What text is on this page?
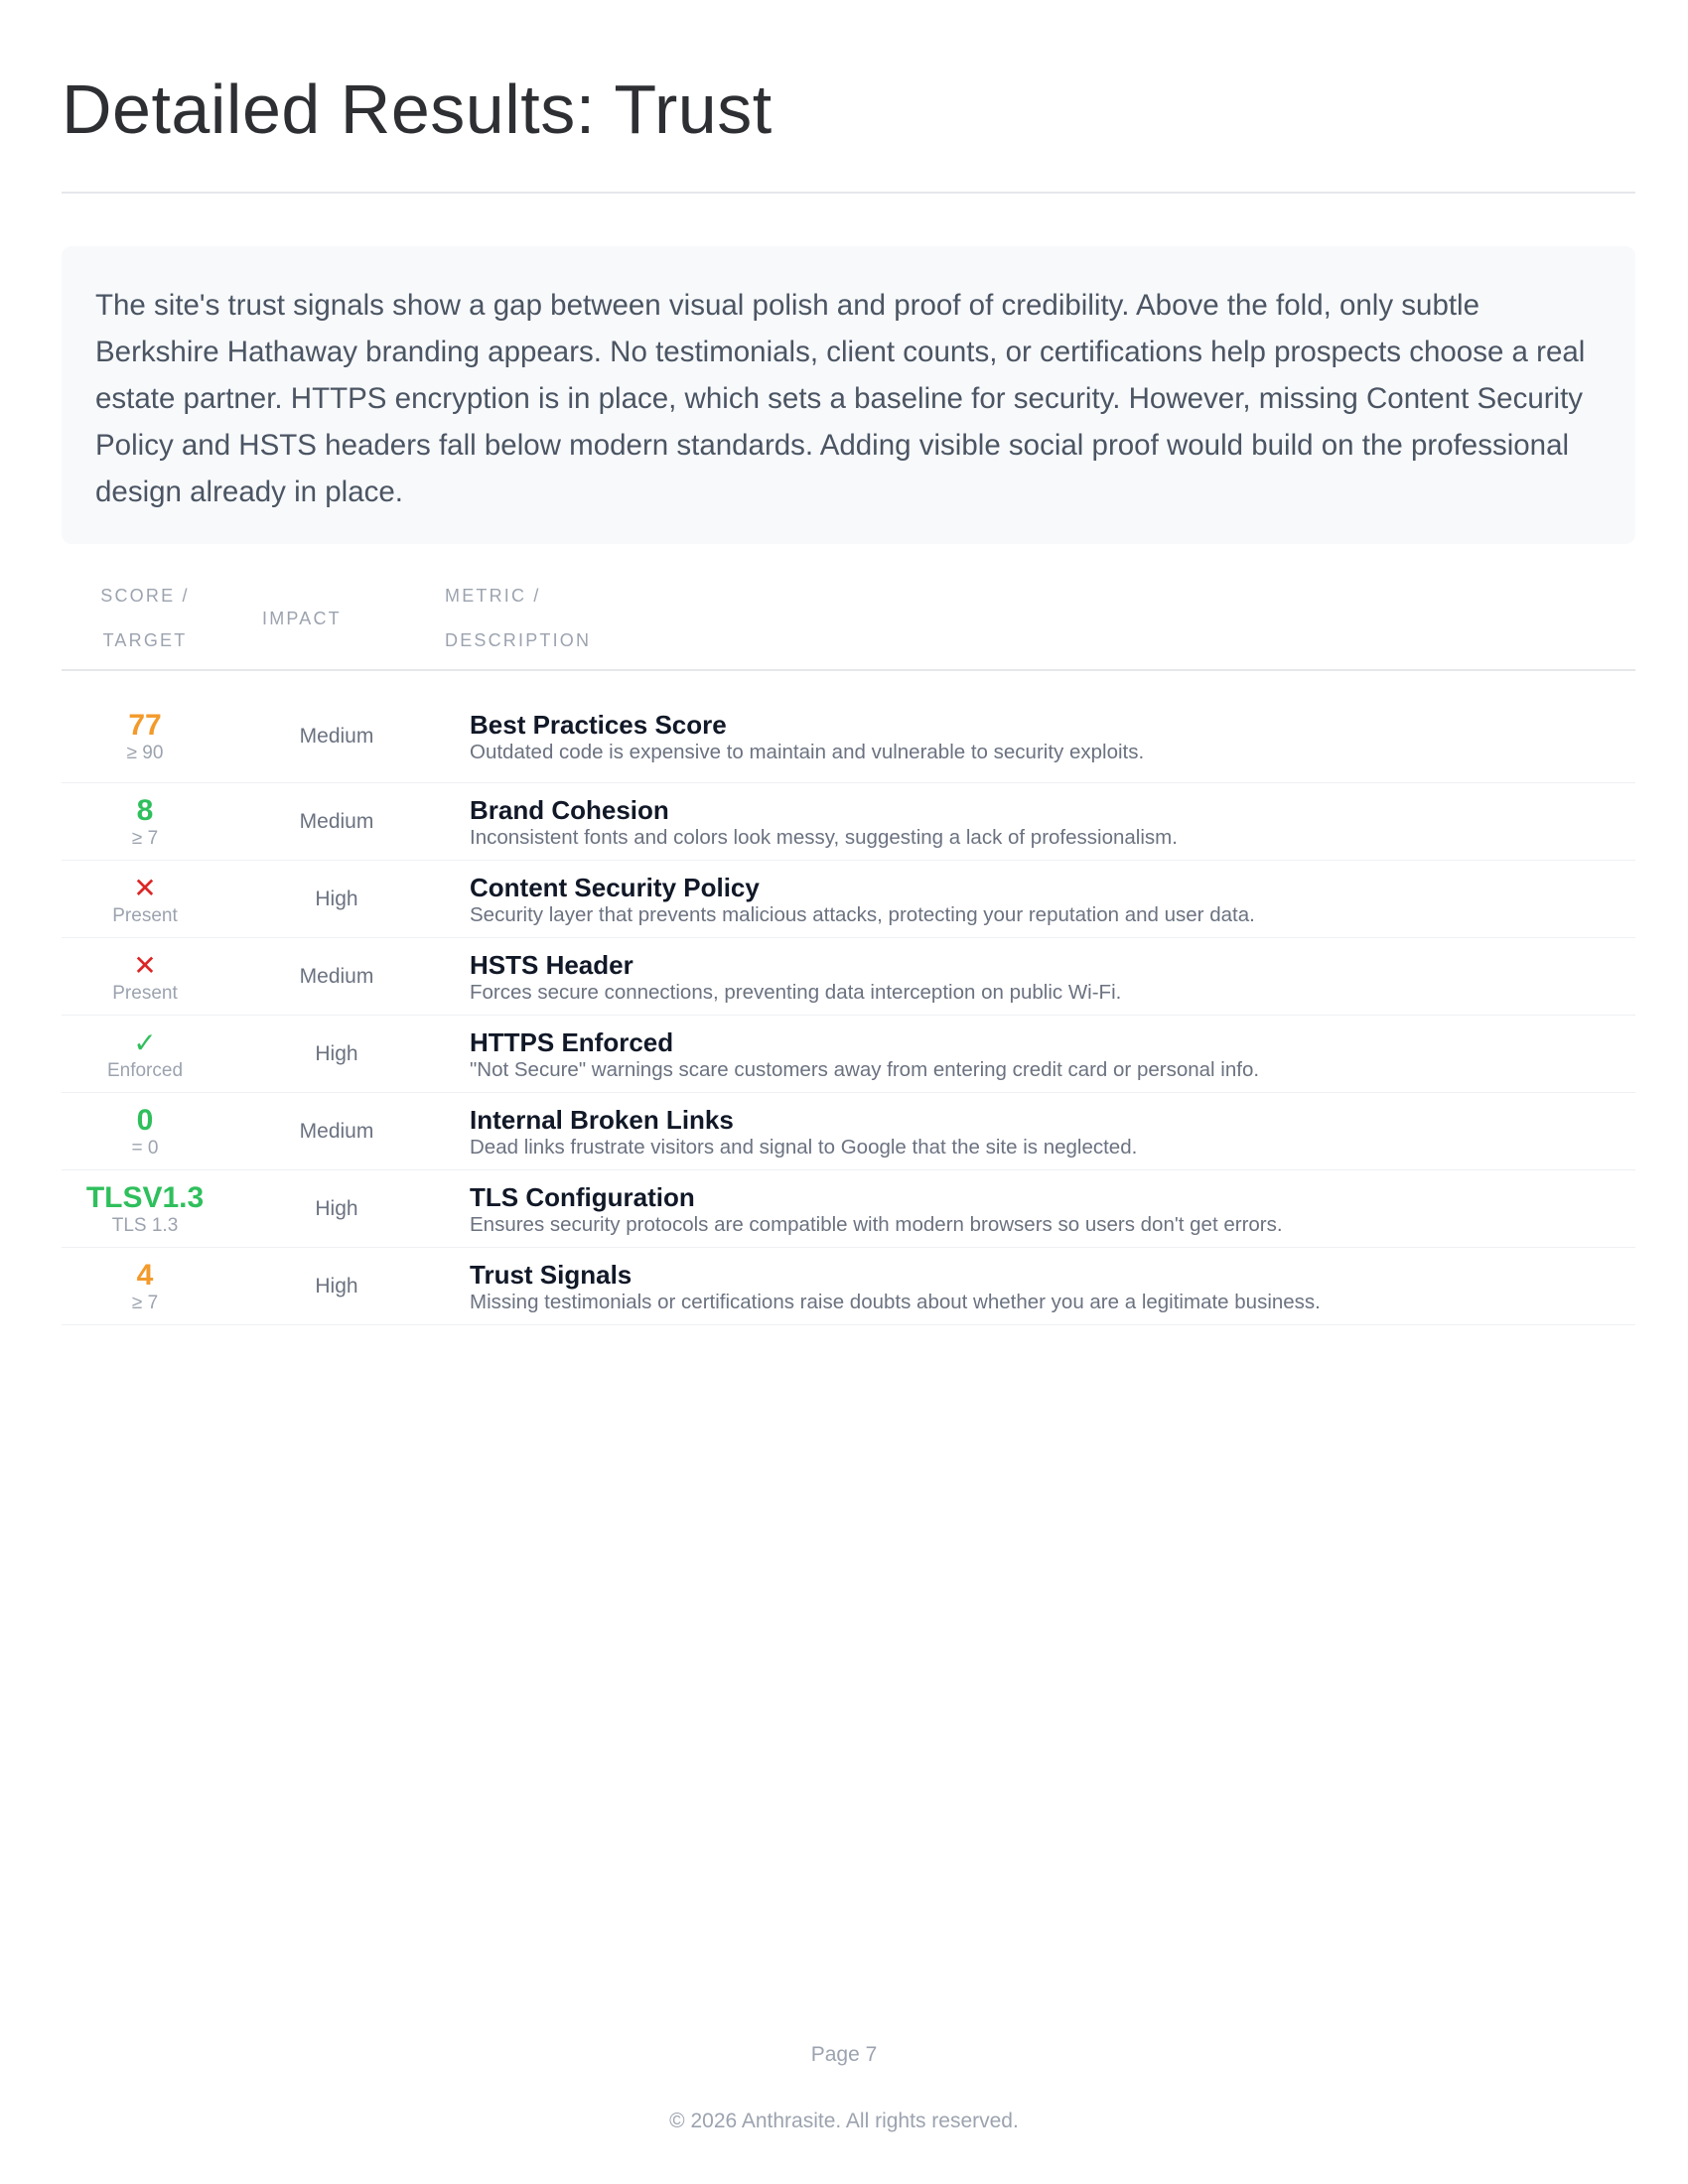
Detailed Results: Trust

The site's trust signals show a gap between visual polish and proof of credibility. Above the fold, only subtle Berkshire Hathaway branding appears. No testimonials, client counts, or certifications help prospects choose a real estate partner. HTTPS encryption is in place, which sets a baseline for security. However, missing Content Security Policy and HSTS headers fall below modern standards. Adding visible social proof would build on the professional design already in place.

SCORE /
TARGET	IMPACT	METRIC /
DESCRIPTION

77
≥ 90	Medium	Best Practices Score
Outdated code is expensive to maintain and vulnerable to security exploits.

8
≥ 7	Medium	Brand Cohesion
Inconsistent fonts and colors look messy, suggesting a lack of professionalism.

✕
Present	High	Content Security Policy
Security layer that prevents malicious attacks, protecting your reputation and user data.

✕
Present	Medium	HSTS Header
Forces secure connections, preventing data interception on public Wi-Fi.

✓
Enforced	High	HTTPS Enforced
"Not Secure" warnings scare customers away from entering credit card or personal info.

0
= 0	Medium	Internal Broken Links
Dead links frustrate visitors and signal to Google that the site is neglected.

TLSV1.3
TLS 1.3	High	TLS Configuration
Ensures security protocols are compatible with modern browsers so users don't get errors.

4
≥ 7	High	Trust Signals
Missing testimonials or certifications raise doubts about whether you are a legitimate business.
Page 7
© 2026 Anthrasite. All rights reserved.
